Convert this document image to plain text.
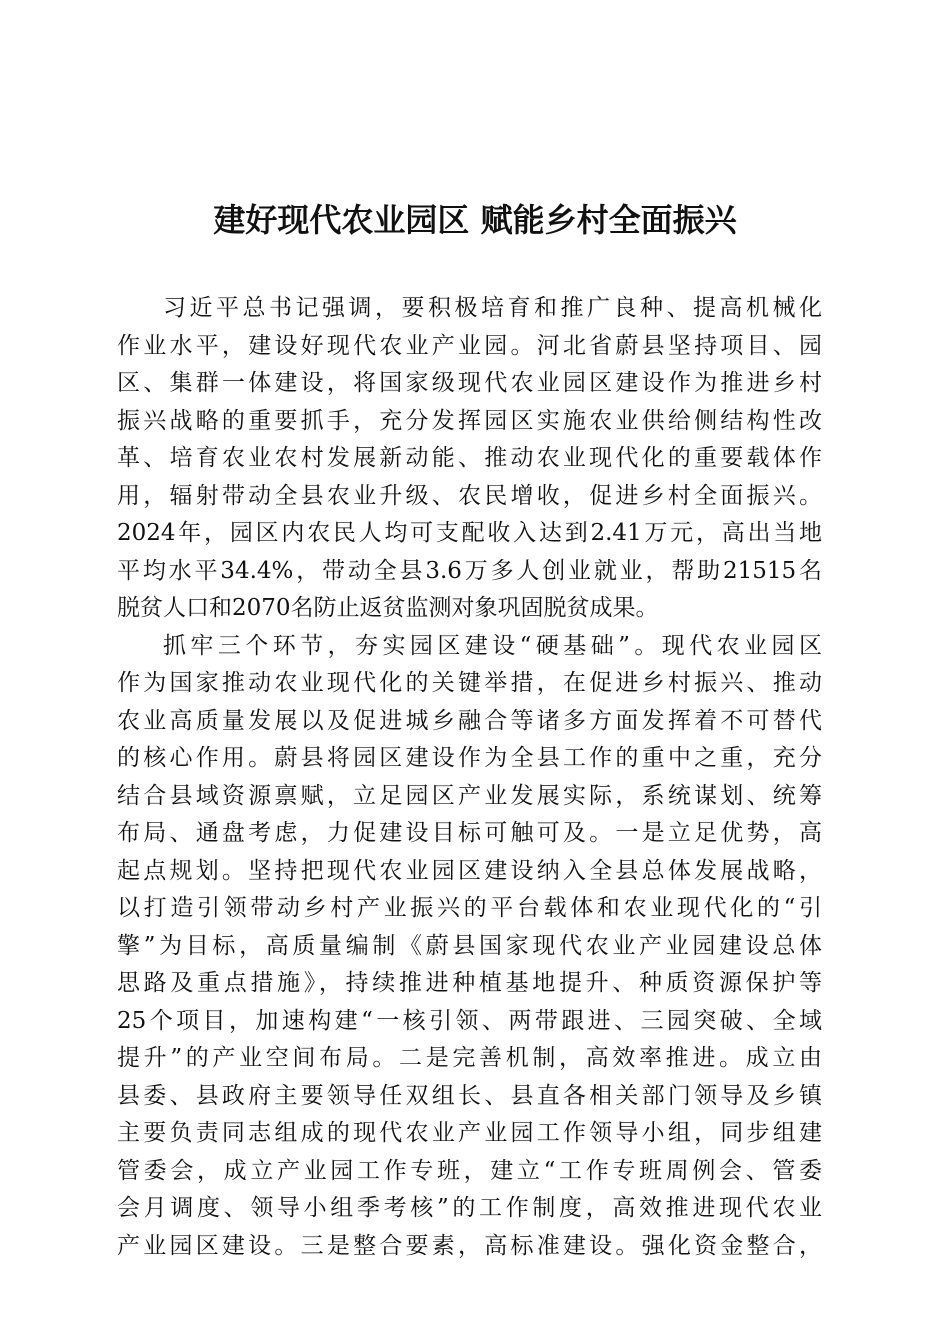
建好现代农业园区 赋能乡村全面振兴
习近平总书记强调，要积极培育和推广良种、提高机械化
作业水平，建设好现代农业产业园。河北省蔚县坚持项目、园
区、集群一体建设，将国家级现代农业园区建设作为推进乡村
振兴战略的重要抓手，充分发挥园区实施农业供给侧结构性改
革、培育农业农村发展新动能、推动农业现代化的重要载体作
用，辐射带动全县农业升级、农民增收，促进乡村全面振兴。
2024年，园区内农民人均可支配收入达到2.41万元，高出当地
平均水平34.4%，带动全县3.6万多人创业就业，帮助21515名
脱贫人口和2070名防止返贫监测对象巩固脱贫成果。
抓牢三个环节，夯实园区建设“硬基础”。现代农业园区
作为国家推动农业现代化的关键举措，在促进乡村振兴、推动
农业高质量发展以及促进城乡融合等诸多方面发挥着不可替代
的核心作用。蔚县将园区建设作为全县工作的重中之重，充分
结合县域资源禀赋，立足园区产业发展实际，系统谋划、统筹
布局、通盘考虑，力促建设目标可触可及。一是立足优势，高
起点规划。坚持把现代农业园区建设纳入全县总体发展战略，
以打造引领带动乡村产业振兴的平台载体和农业现代化的“引
擎”为目标，高质量编制《蔚县国家现代农业产业园建设总体
思路及重点措施》，持续推进种植基地提升、种质资源保护等
25个项目，加速构建“一核引领、两带跟进、三园突破、全域
提升”的产业空间布局。二是完善机制，高效率推进。成立由
县委、县政府主要领导任双组长、县直各相关部门领导及乡镇
主要负责同志组成的现代农业产业园工作领导小组，同步组建
管委会，成立产业园工作专班，建立“工作专班周例会、管委
会月调度、领导小组季考核”的工作制度，高效推进现代农业
产业园区建设。三是整合要素，高标准建设。强化资金整合，
